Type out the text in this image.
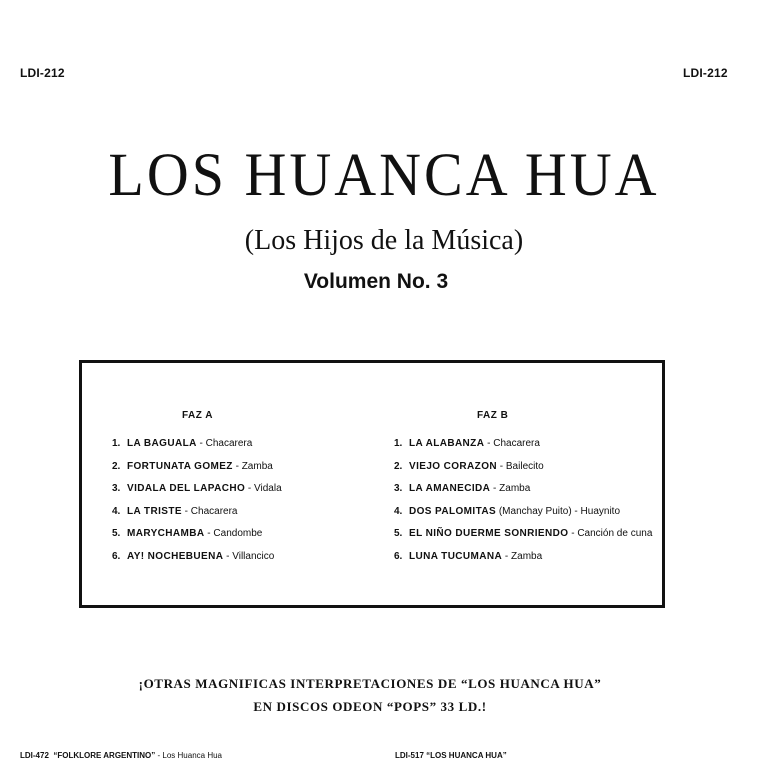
LDI-212	LDI-212
LOS HUANCA HUA
(Los Hijos de la Música)
Volumen No. 3
FAZ A
1. LA BAGUALA - Chacarera
2. FORTUNATA GOMEZ - Zamba
3. VIDALA DEL LAPACHO - Vidala
4. LA TRISTE - Chacarera
5. MARYCHAMBA - Candombe
6. AY! NOCHEBUENA - Villancico
FAZ B
1. LA ALABANZA - Chacarera
2. VIEJO CORAZON - Bailecito
3. LA AMANECIDA - Zamba
4. DOS PALOMITAS (Manchay Puito) - Huaynito
5. EL NIÑO DUERME SONRIENDO - Canción de cuna
6. LUNA TUCUMANA - Zamba
¡OTRAS MAGNIFICAS INTERPRETACIONES DE “LOS HUANCA HUA”
EN DISCOS ODEON “POPS” 33 LD.!
LDI-472 “FOLKLORE ARGENTINO” - Los Huanca Hua	LDI-517 “LOS HUANCA HUA”
